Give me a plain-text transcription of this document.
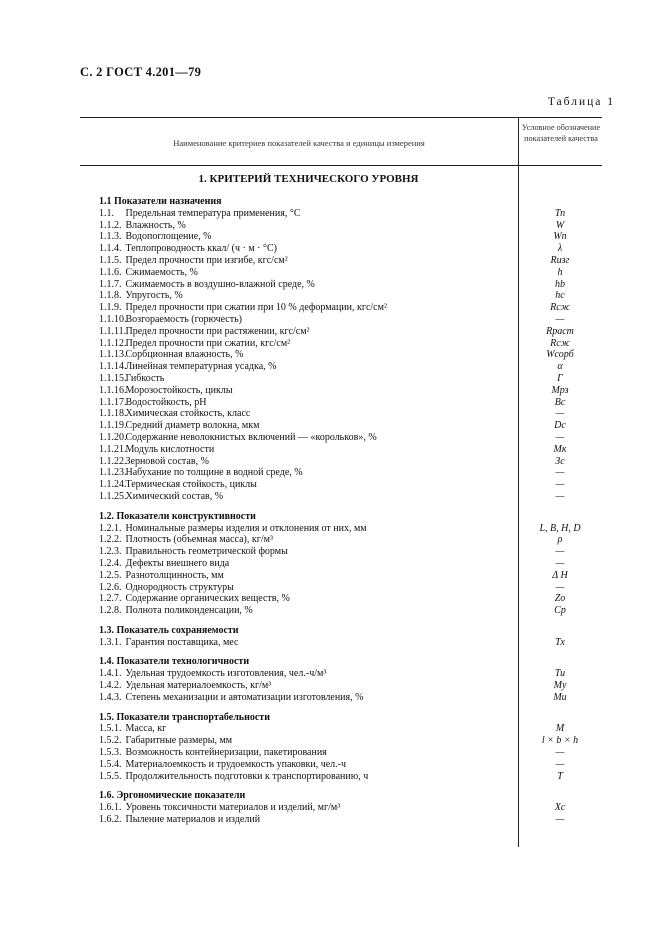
С. 2 ГОСТ 4.201—79
Таблица 1
Наименование критериев показателей качества и единицы измерения
Условное обозначение показателей качества
1. КРИТЕРИЙ ТЕХНИЧЕСКОГО УРОВНЯ
1.1 Показатели назначения
1.1. Предельная температура применения, °С	Тп
1.1.2. Влажность, %	W
1.1.3. Водопоглощение, %	Wп
1.1.4. Теплопроводность ккал/ (ч · м · °С)	λ
1.1.5. Предел прочности при изгибе, кгс/см²	Rизг
1.1.6. Сжимаемость, %	h
1.1.7. Сжимаемость в воздушно-влажной среде, %	hb
1.1.8. Упругость, %	hc
1.1.9. Предел прочности при сжатии при 10 % деформации, кгс/см²	Rсж
1.1.10. Возгораемость (горючесть)	—
1.1.11. Предел прочности при растяжении, кгс/см²	Rраст
1.1.12. Предел прочности при сжатии, кгс/см²	Rсж
1.1.13. Сорбционная влажность, %	Wсорб
1.1.14. Линейная температурная усадка, %	α
1.1.15. Гибкость	Г
1.1.16. Морозостойкость, циклы	Мрз
1.1.17. Водостойкость, рН	Bс
1.1.18. Химическая стойкость, класс	—
1.1.19. Средний диаметр волокна, мкм	Dс
1.1.20. Содержание неволокнистых включений — «корольков», %	—
1.1.21. Модуль кислотности	Мк
1.1.22. Зерновой состав, %	Зс
1.1.23. Набухание по толщине в водной среде, %	—
1.1.24. Термическая стойкость, циклы	—
1.1.25. Химический состав, %	—
1.2. Показатели конструктивности
1.2.1. Номинальные размеры изделия и отклонения от них, мм	L, B, H, D
1.2.2. Плотность (объемная масса), кг/м³	ρ
1.2.3. Правильность геометрической формы	—
1.2.4. Дефекты внешнего вида	—
1.2.5. Разнотолщинность, мм	Δ H
1.2.6. Однородность структуры	—
1.2.7. Содержание органических веществ, %	Zо
1.2.8. Полнота поликонденсации, %	Cр
1.3. Показатель сохраняемости
1.3.1. Гарантия поставщика, мес	Тх
1.4. Показатели технологичности
1.4.1. Удельная трудоемкость изготовления, чел.-ч/м³	Ти
1.4.2. Удельная материалоемкость, кг/м³	Му
1.4.3. Степень механизации и автоматизации изготовления, %	Ми
1.5. Показатели транспортабельности
1.5.1. Масса, кг	М
1.5.2. Габаритные размеры, мм	l × b × h
1.5.3. Возможность контейнеризации, пакетирования	—
1.5.4. Материалоемкость и трудоемкость упаковки, чел.-ч	—
1.5.5. Продолжительность подготовки к транспортированию, ч	Т
1.6. Эргономические показатели
1.6.1. Уровень токсичности материалов и изделий, мг/м³	Хс
1.6.2. Пыление материалов и изделий	—
